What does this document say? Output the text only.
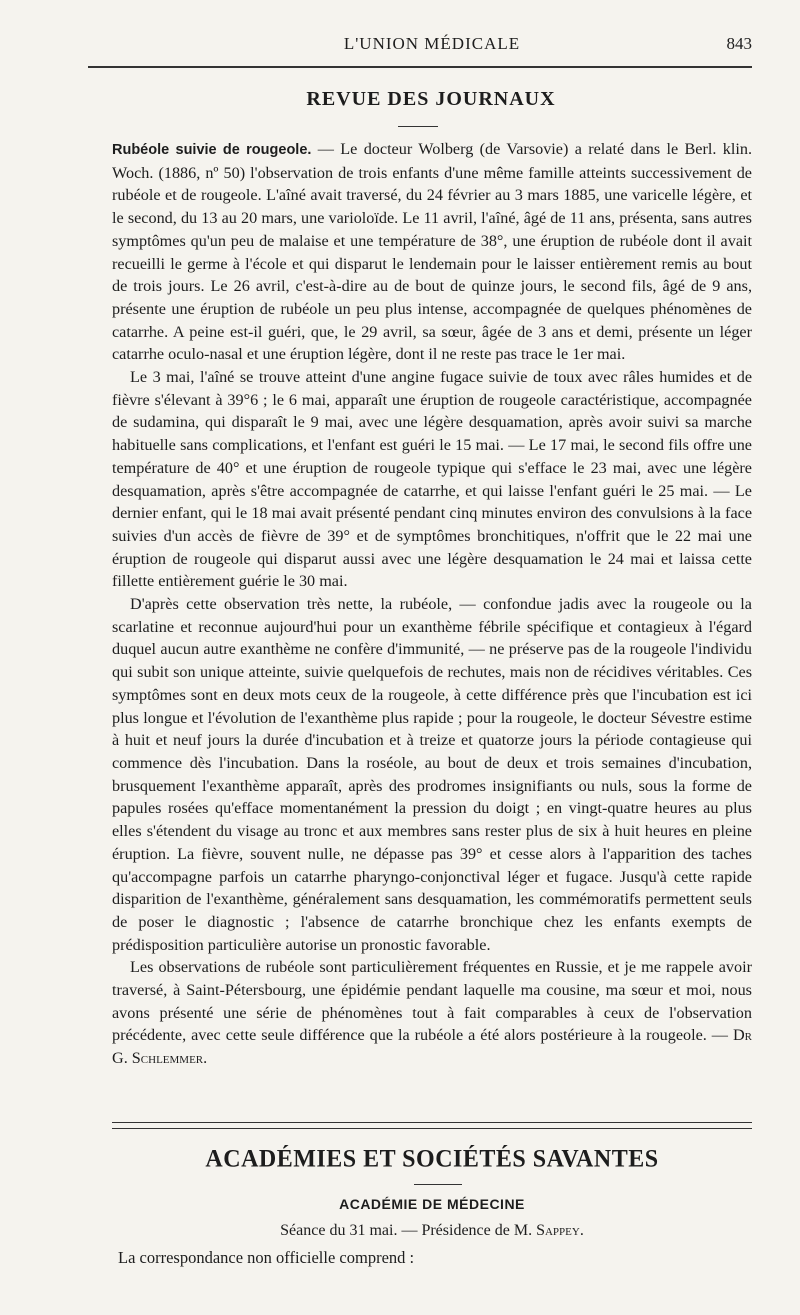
L'UNION MÉDICALE	843
REVUE DES JOURNAUX

Rubéole suivie de rougeole. — Le docteur Wolberg (de Varsovie) a relaté dans le Berl. klin. Woch. (1886, nº 50) l'observation de trois enfants d'une même famille atteints successivement de rubéole et de rougeole. L'aîné avait traversé, du 24 février au 3 mars 1885, une varicelle légère, et le second, du 13 au 20 mars, une varioloïde. Le 11 avril, l'aîné, âgé de 11 ans, présenta, sans autres symptômes qu'un peu de malaise et une température de 38°, une éruption de rubéole dont il avait recueilli le germe à l'école et qui disparut le lendemain pour le laisser entièrement remis au bout de trois jours. Le 26 avril, c'est-à-dire au de bout de quinze jours, le second fils, âgé de 9 ans, présente une éruption de rubéole un peu plus intense, accompagnée de quelques phénomènes de catarrhe. A peine est-il guéri, que, le 29 avril, sa sœur, âgée de 3 ans et demi, présente un léger catarrhe oculo-nasal et une éruption légère, dont il ne reste pas trace le 1er mai.

Le 3 mai, l'aîné se trouve atteint d'une angine fugace suivie de toux avec râles humides et de fièvre s'élevant à 39°6 ; le 6 mai, apparaît une éruption de rougeole caractéristique, accompagnée de sudamina, qui disparaît le 9 mai, avec une légère desquamation, après avoir suivi sa marche habituelle sans complications, et l'enfant est guéri le 15 mai. — Le 17 mai, le second fils offre une température de 40° et une éruption de rougeole typique qui s'efface le 23 mai, avec une légère desquamation, après s'être accompagnée de catarrhe, et qui laisse l'enfant guéri le 25 mai. — Le dernier enfant, qui le 18 mai avait présenté pendant cinq minutes environ des convulsions à la face suivies d'un accès de fièvre de 39° et de symptômes bronchitiques, n'offrit que le 22 mai une éruption de rougeole qui disparut aussi avec une légère desquamation le 24 mai et laissa cette fillette entièrement guérie le 30 mai.

D'après cette observation très nette, la rubéole, — confondue jadis avec la rougeole ou la scarlatine et reconnue aujourd'hui pour un exanthème fébrile spécifique et contagieux à l'égard duquel aucun autre exanthème ne confère d'immunité, — ne préserve pas de la rougeole l'individu qui subit son unique atteinte, suivie quelquefois de rechutes, mais non de récidives véritables. Ces symptômes sont en deux mots ceux de la rougeole, à cette différence près que l'incubation est ici plus longue et l'évolution de l'exanthème plus rapide ; pour la rougeole, le docteur Sévestre estime à huit et neuf jours la durée d'incubation et à treize et quatorze jours la période contagieuse qui commence dès l'incubation. Dans la roséole, au bout de deux et trois semaines d'incubation, brusquement l'exanthème apparaît, après des prodromes insignifiants ou nuls, sous la forme de papules rosées qu'efface momentanément la pression du doigt ; en vingt-quatre heures au plus elles s'étendent du visage au tronc et aux membres sans rester plus de six à huit heures en pleine éruption. La fièvre, souvent nulle, ne dépasse pas 39° et cesse alors à l'apparition des taches qu'accompagne parfois un catarrhe pharyngo-conjonctival léger et fugace. Jusqu'à cette rapide disparition de l'exanthème, généralement sans desquamation, les commémoratifs permettent seuls de poser le diagnostic ; l'absence de catarrhe bronchique chez les enfants exempts de prédisposition particulière autorise un pronostic favorable.

Les observations de rubéole sont particulièrement fréquentes en Russie, et je me rappele avoir traversé, à Saint-Pétersbourg, une épidémie pendant laquelle ma cousine, ma sœur et moi, nous avons présenté une série de phénomènes tout à fait comparables à ceux de l'observation précédente, avec cette seule différence que la rubéole a été alors postérieure à la rougeole. — Dr G. Schlemmer.

ACADÉMIES ET SOCIÉTÉS SAVANTES
ACADÉMIE DE MÉDECINE
Séance du 31 mai. — Présidence de M. Sappey.
La correspondance non officielle comprend :
